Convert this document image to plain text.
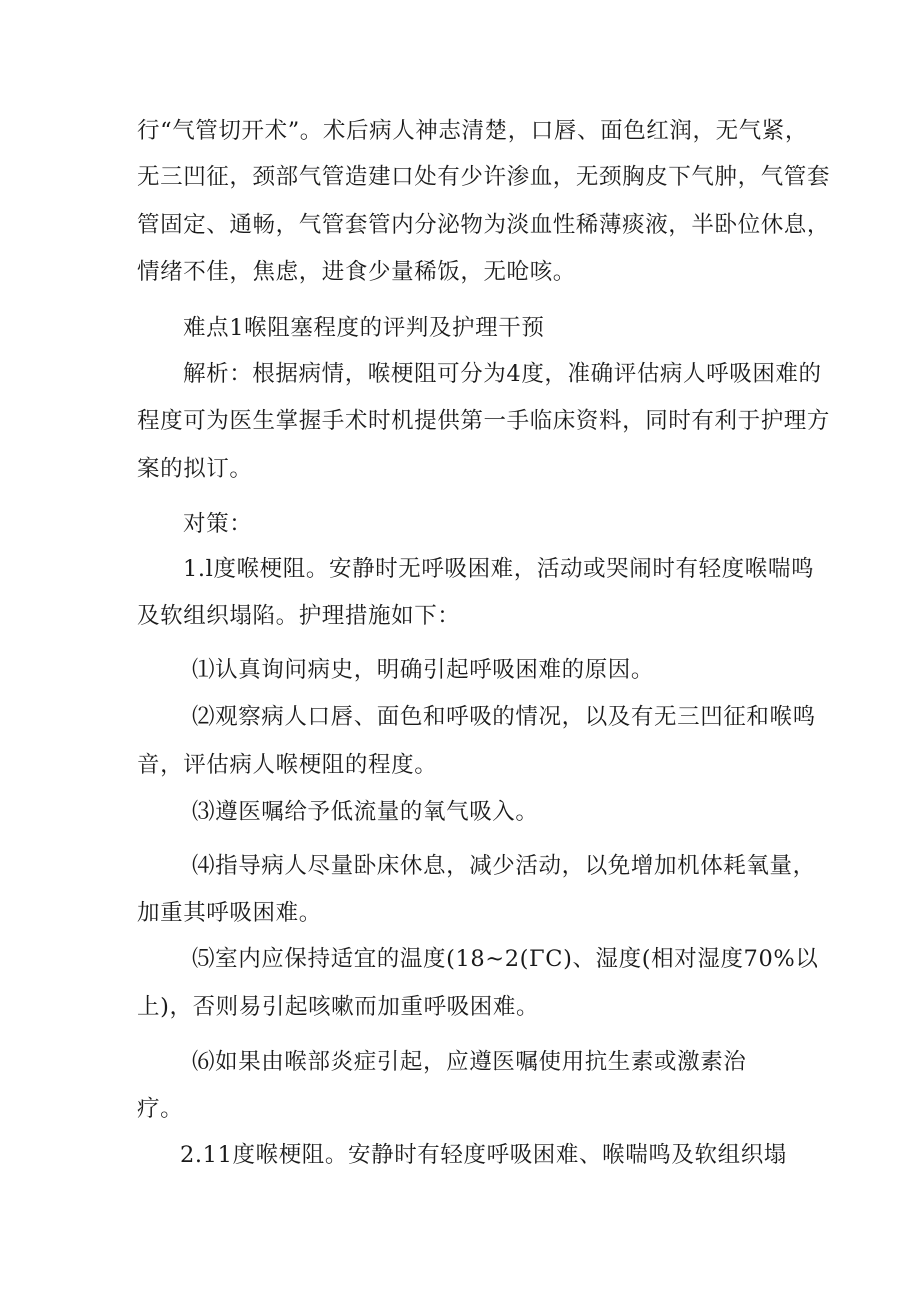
行“气管切开术”。术后病人神志清楚，口唇、面色红润，无气紧，
无三凹征，颈部气管造建口处有少许渗血，无颈胸皮下气肿，气管套
管固定、通畅，气管套管内分泌物为淡血性稀薄痰液，半卧位休息，
情绪不佳，焦虑，进食少量稀饭，无呛咳。
难点1喉阻塞程度的评判及护理干预
解析：根据病情，喉梗阻可分为4度，准确评估病人呼吸困难的
程度可为医生掌握手术时机提供第一手临床资料，同时有利于护理方
案的拟订。
对策：
1.l度喉梗阻。安静时无呼吸困难，活动或哭闹时有轻度喉喘鸣
及软组织塌陷。护理措施如下：
⑴认真询问病史，明确引起呼吸困难的原因。
⑵观察病人口唇、面色和呼吸的情况，以及有无三凹征和喉鸣
音，评估病人喉梗阻的程度。
⑶遵医嘱给予低流量的氧气吸入。
⑷指导病人尽量卧床休息，减少活动，以免增加机体耗氧量，
加重其呼吸困难。
⑸室内应保持适宜的温度(18~2(ΓC)、湿度(相对湿度70%以
上)，否则易引起咳嗽而加重呼吸困难。
⑹如果由喉部炎症引起，应遵医嘱使用抗生素或激素治
疗。
2.11度喉梗阻。安静时有轻度呼吸困难、喉喘鸣及软组织塌
